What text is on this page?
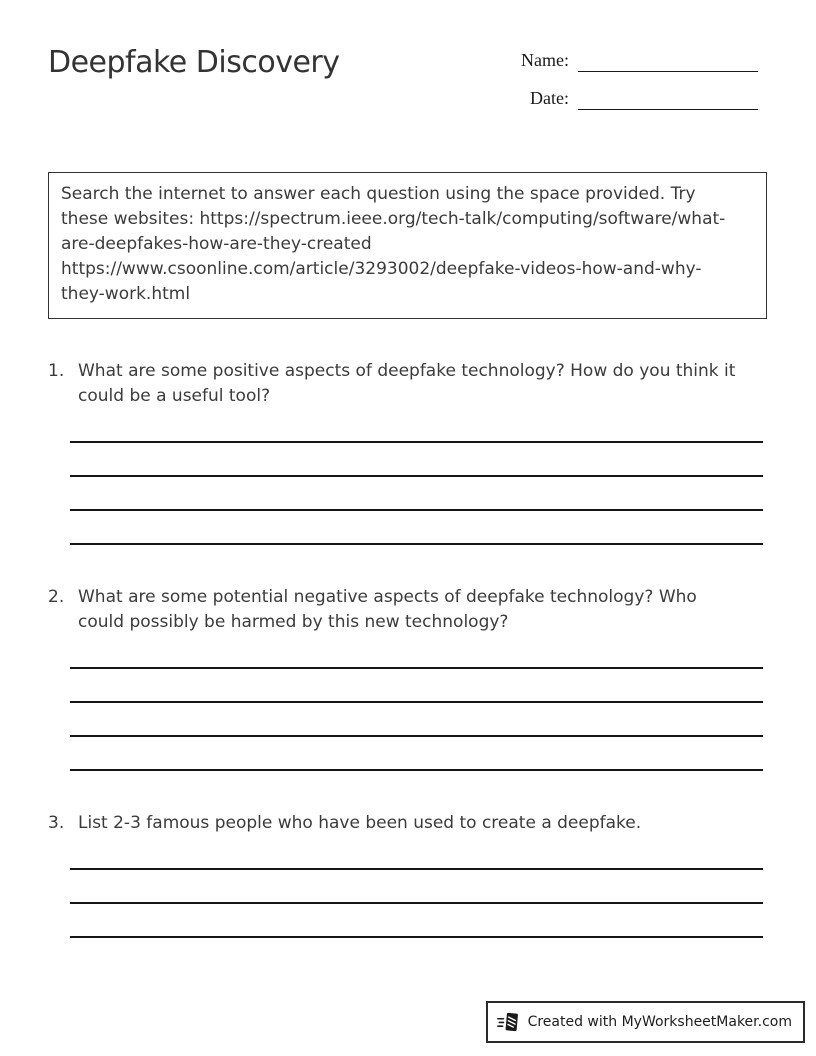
Deepfake Discovery	Name:
Date:

Search the internet to answer each question using the space provided. Try these websites: https://spectrum.ieee.org/tech-talk/computing/software/what-are-deepfakes-how-are-they-created https://www.csoonline.com/article/3293002/deepfake-videos-how-and-why-they-work.html

1. What are some positive aspects of deepfake technology? How do you think it could be a useful tool?

2. What are some potential negative aspects of deepfake technology? Who could possibly be harmed by this new technology?

3. List 2-3 famous people who have been used to create a deepfake.

Created with MyWorksheetMaker.com
